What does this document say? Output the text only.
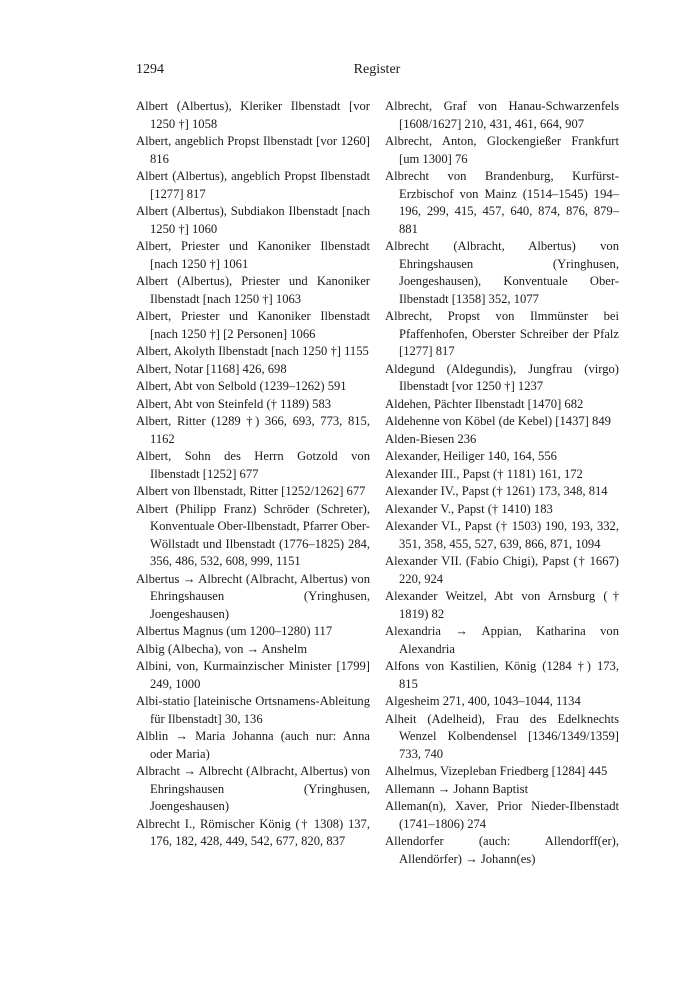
1294	Register
Albert (Albertus), Kleriker Ilbenstadt [vor 1250 †] 1058
Albert, angeblich Propst Ilbenstadt [vor 1260] 816
Albert (Albertus), angeblich Propst Ilbenstadt [1277] 817
Albert (Albertus), Subdiakon Ilbenstadt [nach 1250 †] 1060
Albert, Priester und Kanoniker Ilbenstadt [nach 1250 †] 1061
Albert (Albertus), Priester und Kanoniker Ilbenstadt [nach 1250 †] 1063
Albert, Priester und Kanoniker Ilbenstadt [nach 1250 †] [2 Personen] 1066
Albert, Akolyth Ilbenstadt [nach 1250 †] 1155
Albert, Notar [1168] 426, 698
Albert, Abt von Selbold (1239–1262) 591
Albert, Abt von Steinfeld († 1189) 583
Albert, Ritter (1289 †) 366, 693, 773, 815, 1162
Albert, Sohn des Herrn Gotzold von Ilbenstadt [1252] 677
Albert von Ilbenstadt, Ritter [1252/1262] 677
Albert (Philipp Franz) Schröder (Schreter), Konventuale Ober-Ilbenstadt, Pfarrer Ober-Wöllstadt und Ilbenstadt (1776–1825) 284, 356, 486, 532, 608, 999, 1151
Albertus → Albrecht (Albracht, Albertus) von Ehringshausen (Yringhusen, Joengeshausen)
Albertus Magnus (um 1200–1280) 117
Albig (Albecha), von → Anshelm
Albini, von, Kurmainzischer Minister [1799] 249, 1000
Albi-statio [lateinische Ortsnamens-Ableitung für Ilbenstadt] 30, 136
Alblin → Maria Johanna (auch nur: Anna oder Maria)
Albracht → Albrecht (Albracht, Albertus) von Ehringshausen (Yringhusen, Joengeshausen)
Albrecht I., Römischer König († 1308) 137, 176, 182, 428, 449, 542, 677, 820, 837
Albrecht, Graf von Hanau-Schwarzenfels [1608/1627] 210, 431, 461, 664, 907
Albrecht, Anton, Glockengießer Frankfurt [um 1300] 76
Albrecht von Brandenburg, Kurfürst-Erzbischof von Mainz (1514–1545) 194–196, 299, 415, 457, 640, 874, 876, 879–881
Albrecht (Albracht, Albertus) von Ehringshausen (Yringhusen, Joengeshausen), Konventuale Ober-Ilbenstadt [1358] 352, 1077
Albrecht, Propst von Ilmmünster bei Pfaffenhofen, Oberster Schreiber der Pfalz [1277] 817
Aldegund (Aldegundis), Jungfrau (virgo) Ilbenstadt [vor 1250 †] 1237
Aldehen, Pächter Ilbenstadt [1470] 682
Aldehenne von Köbel (de Kebel) [1437] 849
Alden-Biesen 236
Alexander, Heiliger 140, 164, 556
Alexander III., Papst († 1181) 161, 172
Alexander IV., Papst († 1261) 173, 348, 814
Alexander V., Papst († 1410) 183
Alexander VI., Papst († 1503) 190, 193, 332, 351, 358, 455, 527, 639, 866, 871, 1094
Alexander VII. (Fabio Chigi), Papst († 1667) 220, 924
Alexander Weitzel, Abt von Arnsburg († 1819) 82
Alexandria → Appian, Katharina von Alexandria
Alfons von Kastilien, König (1284 †) 173, 815
Algesheim 271, 400, 1043–1044, 1134
Alheit (Adelheid), Frau des Edelknechts Wenzel Kolbendensel [1346/1349/1359] 733, 740
Alhelmus, Vizepleban Friedberg [1284] 445
Allemann → Johann Baptist
Alleman(n), Xaver, Prior Nieder-Ilbenstadt (1741–1806) 274
Allendorfer (auch: Allendorff(er), Allendörfer) → Johann(es)
